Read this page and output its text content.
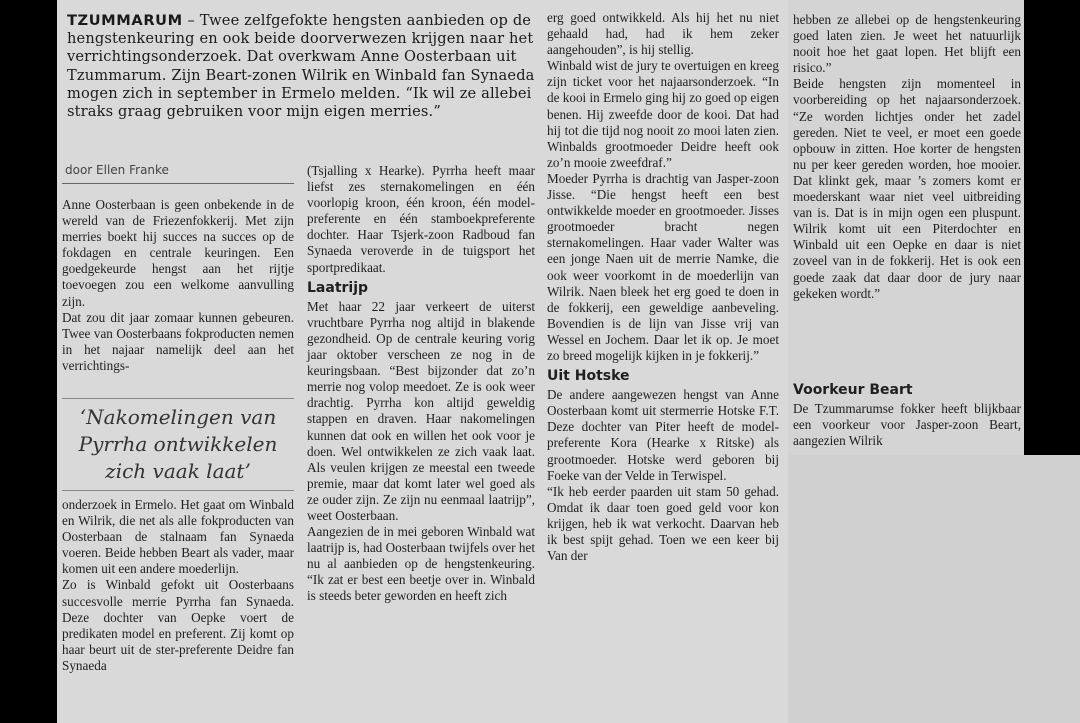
TZUMMARUM – Twee zelfgefokte hengsten aanbieden op de hengstenkeuring en ook beide doorverwezen krijgen naar het verrichtingsonderzoek. Dat overkwam Anne Oosterbaan uit Tzummarum. Zijn Beart-zonen Wilrik en Winbald fan Synaeda mogen zich in september in Ermelo melden. “Ik wil ze allebei straks graag gebruiken voor mijn eigen merries.”
door Ellen Franke

Anne Oosterbaan is geen onbekende in de wereld van de Friezenfokkerij. Met zijn merries boekt hij succes na succes op de fokdagen en centrale keuringen. Een goedgekeurde hengst aan het rijtje toevoegen zou een welkome aanvulling zijn.

Dat zou dit jaar zomaar kunnen gebeuren. Twee van Oosterbaans fokproducten nemen in het najaar namelijk deel aan het verrichtings-

‘Nakomelingen van Pyrrha ontwikkelen zich vaak laat’

onderzoek in Ermelo. Het gaat om Winbald en Wilrik, die net als alle fokproducten van Oosterbaan de stalnaam fan Synaeda voeren. Beide hebben Beart als vader, maar komen uit een andere moederlijn.

Zo is Winbald gefokt uit Oosterbaans succesvolle merrie Pyrrha fan Synaeda. Deze dochter van Oepke voert de predikaten model en preferent. Zij komt op haar beurt uit de ster-preferente Deidre fan Synaeda

(Tsjalling x Hearke). Pyrrha heeft maar liefst zes sternakomelingen en één voorlopig kroon, één kroon, één model-preferente en één stamboekpreferente dochter. Haar Tsjerk-zoon Radboud fan Synaeda veroverde in de tuigsport het sportpredikaat.

Laatrijp

Met haar 22 jaar verkeert de uiterst vruchtbare Pyrrha nog altijd in blakende gezondheid. Op de centrale keuring vorig jaar oktober verscheen ze nog in de keuringsbaan. “Best bijzonder dat zo’n merrie nog volop meedoet. Ze is ook weer drachtig. Pyrrha kon altijd geweldig stappen en draven. Haar nakomelingen kunnen dat ook en willen het ook voor je doen. Wel ontwikkelen ze zich vaak laat. Als veulen krijgen ze meestal een tweede premie, maar dat komt later wel goed als ze ouder zijn. Ze zijn nu eenmaal laatrijp”, weet Oosterbaan.

Aangezien de in mei geboren Winbald wat laatrijp is, had Oosterbaan twijfels over het nu al aanbieden op de hengstenkeuring. “Ik zat er best een beetje over in. Winbald is steeds beter geworden en heeft zich

erg goed ontwikkeld. Als hij het nu niet gehaald had, had ik hem zeker aangehouden”, is hij stellig.

Winbald wist de jury te overtuigen en kreeg zijn ticket voor het najaarsonderzoek. “In de kooi in Ermelo ging hij zo goed op eigen benen. Hij zweefde door de kooi. Dat had hij tot die tijd nog nooit zo mooi laten zien. Winbalds grootmoeder Deidre heeft ook zo’n mooie zweefdraf.”

Moeder Pyrrha is drachtig van Jasper-zoon Jisse. “Die hengst heeft een best ontwikkelde moeder en grootmoeder. Jisses grootmoeder bracht negen sternakomelingen. Haar vader Walter was een jonge Naen uit de merrie Namke, die ook weer voorkomt in de moederlijn van Wilrik. Naen bleek het erg goed te doen in de fokkerij, een geweldige aanbeveling. Bovendien is de lijn van Jisse vrij van Wessel en Jochem. Daar let ik op. Je moet zo breed mogelijk kijken in je fokkerij.”

Uit Hotske

De andere aangewezen hengst van Anne Oosterbaan komt uit stermerrie Hotske F.T. Deze dochter van Piter heeft de model-preferente Kora (Hearke x Ritske) als grootmoeder. Hotske werd geboren bij Foeke van der Velde in Terwispel.

“Ik heb eerder paarden uit stam 50 gehad. Omdat ik daar toen goed geld voor kon krijgen, heb ik wat verkocht. Daarvan heb ik best spijt gehad. Toen we een keer bij Van der

hebben ze allebei op de hengstenkeuring goed laten zien. Je weet het natuurlijk nooit hoe het gaat lopen. Het blijft een risico.”

Beide hengsten zijn momenteel in voorbereiding op het najaarsonderzoek. “Ze worden lichtjes onder het zadel gereden. Niet te veel, er moet een goede opbouw in zitten. Hoe korter de hengsten nu per keer gereden worden, hoe mooier. Dat klinkt gek, maar ’s zomers komt er moederskant waar niet veel uitbreiding van is. Dat is in mijn ogen een pluspunt. Wilrik komt uit een Piterdochter en Winbald uit een Oepke en daar is niet zoveel van in de fokkerij. Het is ook een goede zaak dat daar door de jury naar gekeken wordt.”

Voorkeur Beart

De Tzummarumse fokker heeft blijkbaar een voorkeur voor Jasper-zoon Beart, aangezien Wilrik
